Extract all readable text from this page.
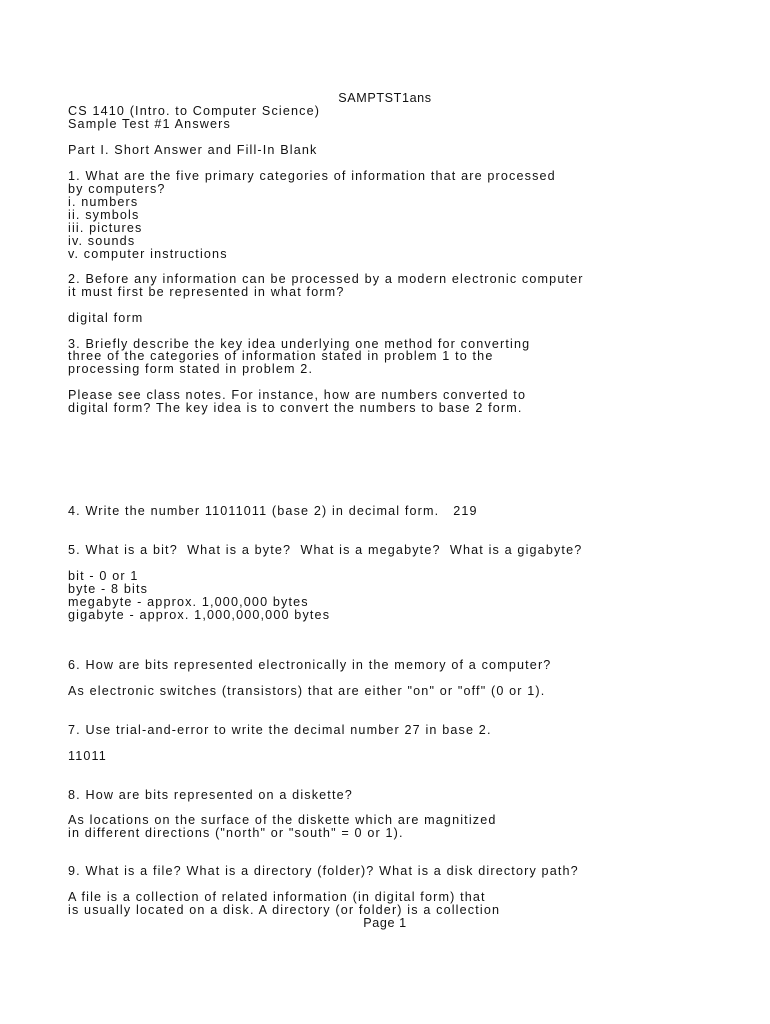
SAMPTST1ans
CS 1410 (Intro. to Computer Science)
Sample Test #1 Answers
Part I. Short Answer and Fill-In Blank
1. What are the five primary categories of information that are processed
by computers?
i. numbers
ii. symbols
iii. pictures
iv. sounds
v. computer instructions
2. Before any information can be processed by a modern electronic computer
it must first be represented in what form?
digital form
3. Briefly describe the key idea underlying one method for converting
three of the categories of information stated in problem 1 to the
processing form stated in problem 2.
Please see class notes. For instance, how are numbers converted to
digital form? The key idea is to convert the numbers to base 2 form.
4. Write the number 11011011 (base 2) in decimal form. 219
5. What is a bit?  What is a byte?  What is a megabyte?  What is a gigabyte?
bit - 0 or 1
byte - 8 bits
megabyte - approx. 1,000,000 bytes
gigabyte - approx. 1,000,000,000 bytes
6. How are bits represented electronically in the memory of a computer?
As electronic switches (transistors) that are either "on" or "off" (0 or 1).
7. Use trial-and-error to write the decimal number 27 in base 2.
11011
8. How are bits represented on a diskette?
As locations on the surface of the diskette which are magnitized
in different directions ("north" or "south" = 0 or 1).
9. What is a file? What is a directory (folder)? What is a disk directory path?
A file is a collection of related information (in digital form) that
is usually located on a disk. A directory (or folder) is a collection
Page 1
